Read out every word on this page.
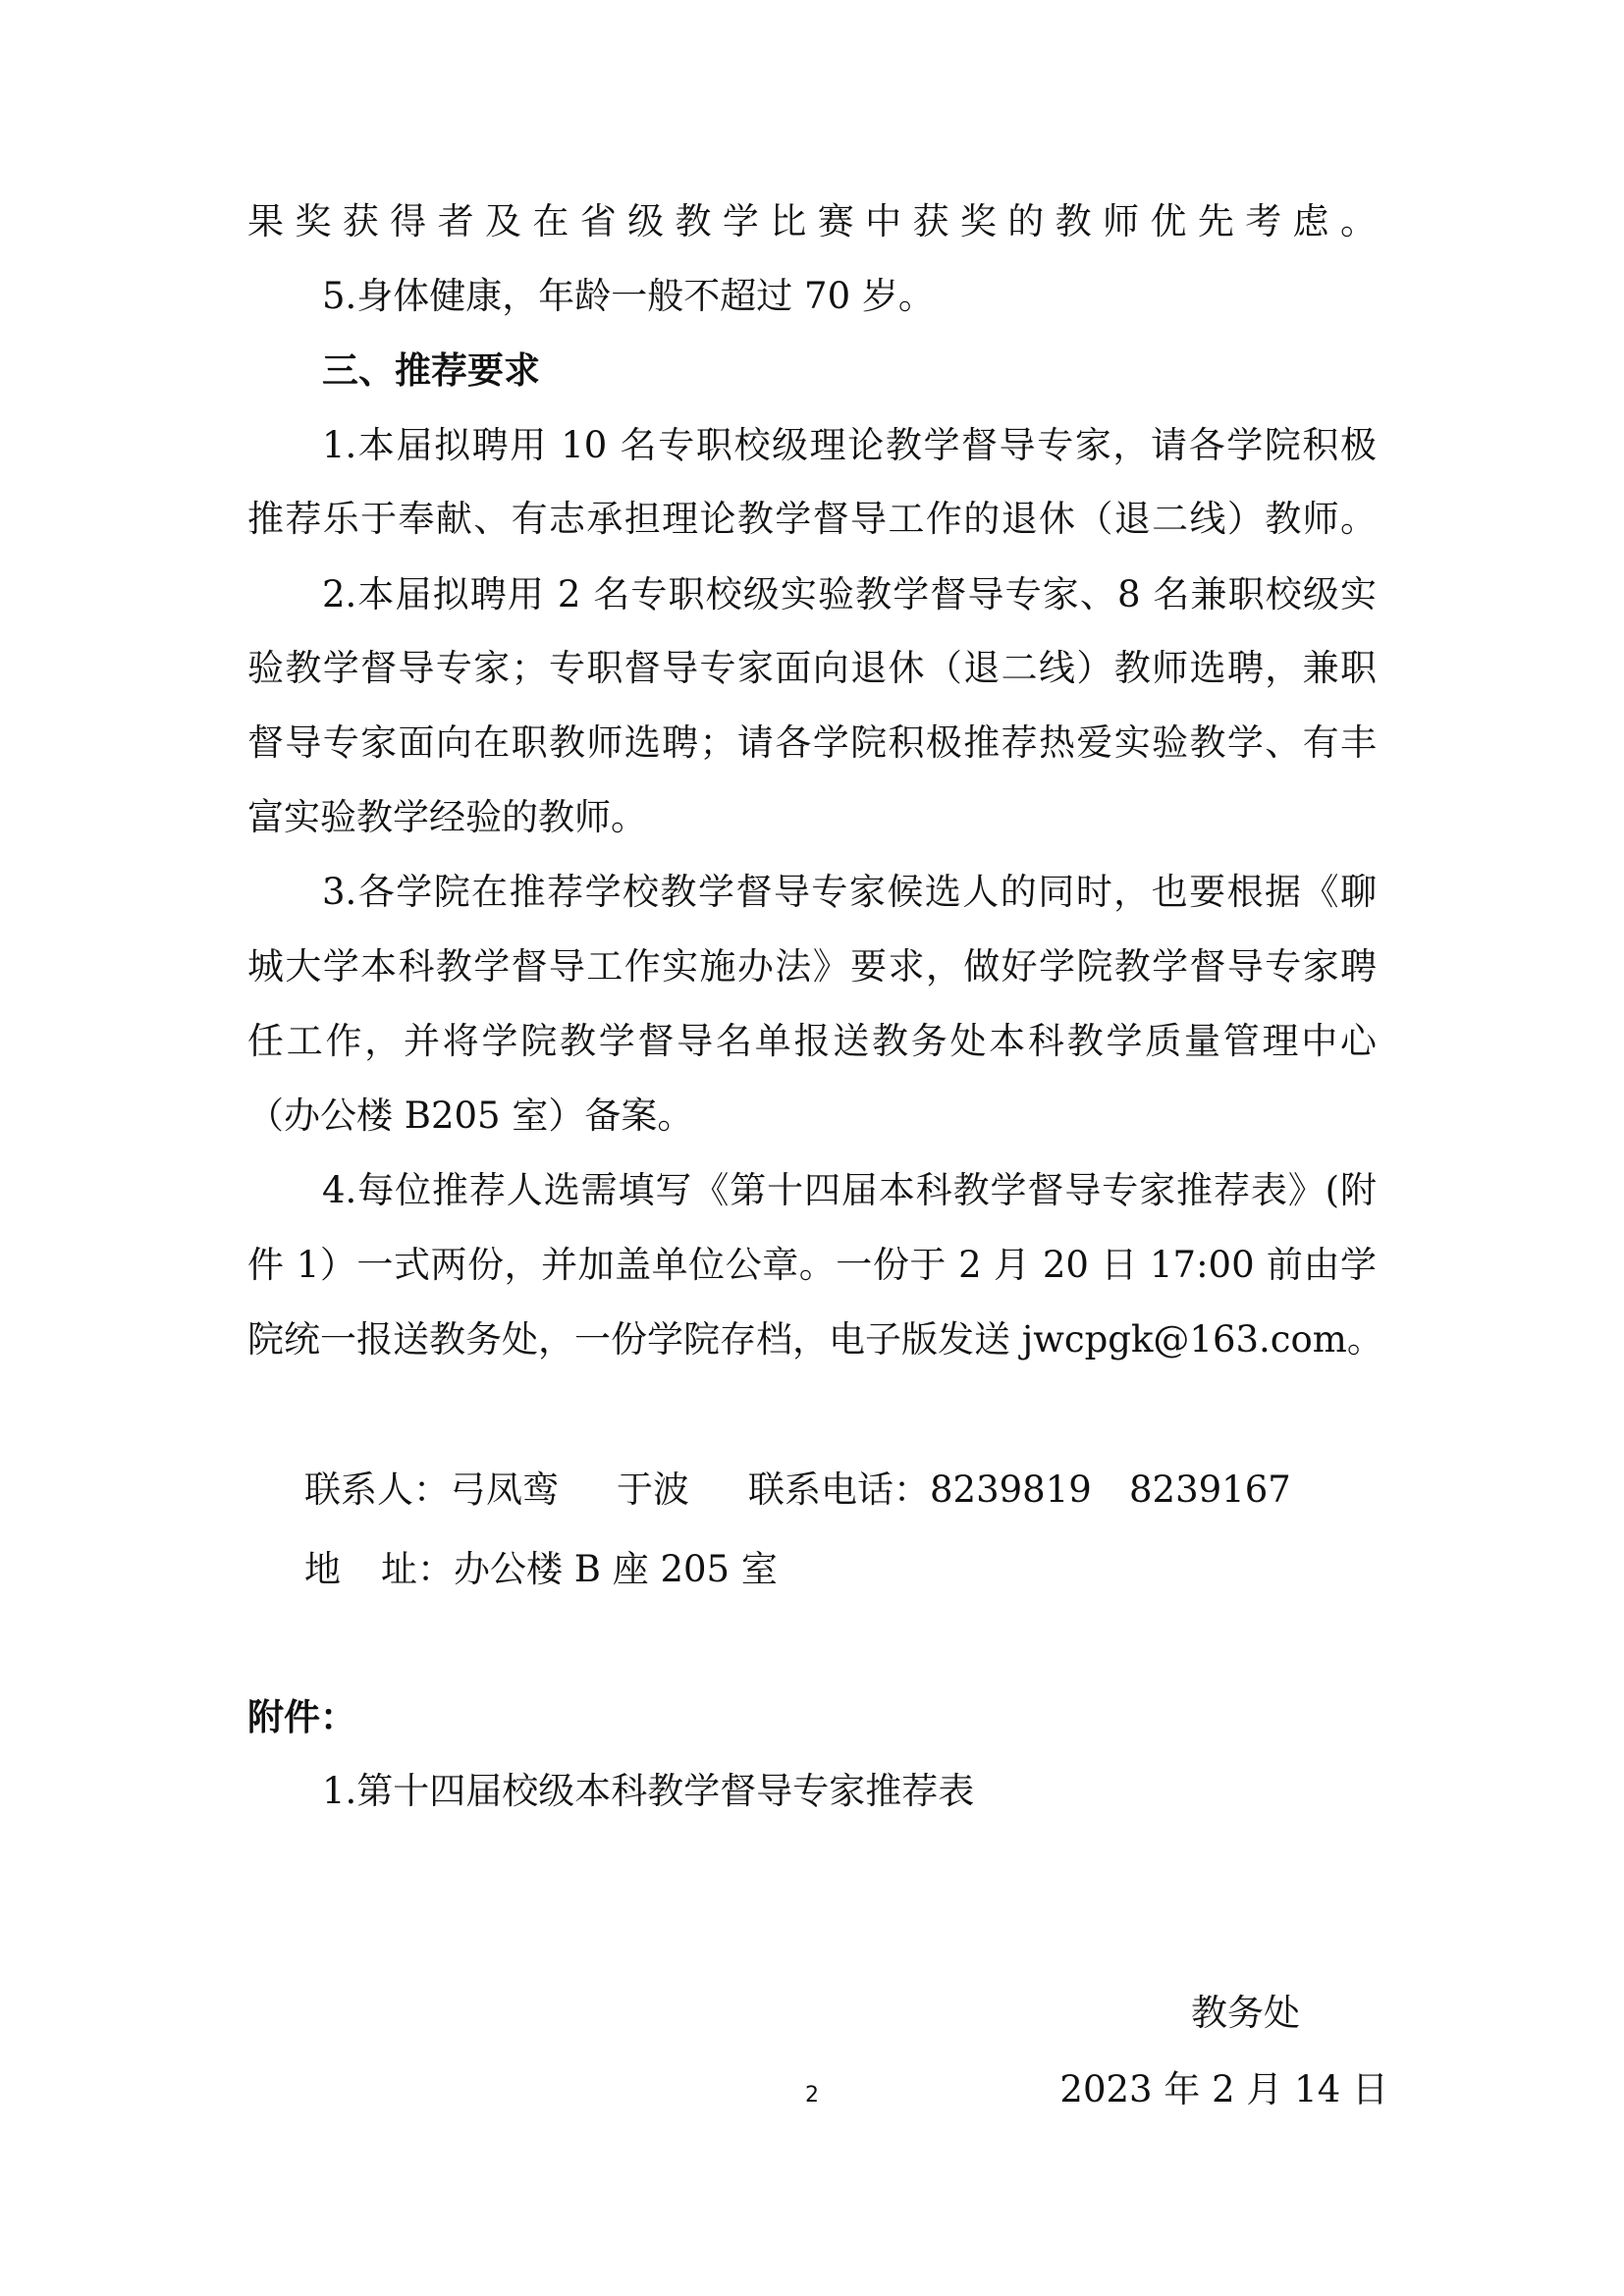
果奖获得者及在省级教学比赛中获奖的教师优先考虑。
5.身体健康，年龄一般不超过 70 岁。
三、推荐要求
1.本届拟聘用 10 名专职校级理论教学督导专家，请各学院积极
推荐乐于奉献、有志承担理论教学督导工作的退休（退二线）教师。
2.本届拟聘用 2 名专职校级实验教学督导专家、8 名兼职校级实
验教学督导专家；专职督导专家面向退休（退二线）教师选聘，兼职
督导专家面向在职教师选聘；请各学院积极推荐热爱实验教学、有丰
富实验教学经验的教师。
3.各学院在推荐学校教学督导专家候选人的同时，也要根据《聊
城大学本科教学督导工作实施办法》要求，做好学院教学督导专家聘
任工作，并将学院教学督导名单报送教务处本科教学质量管理中心
（办公楼 B205 室）备案。
4.每位推荐人选需填写《第十四届本科教学督导专家推荐表》(附
件 1）一式两份，并加盖单位公章。一份于 2 月 20 日 17:00 前由学
院统一报送教务处，一份学院存档，电子版发送 jwcpgk@163.com。
联系人：弓凤鸾 于波 联系电话：8239819 8239167
地 址：办公楼 B 座 205 室
附件：
1.第十四届校级本科教学督导专家推荐表
教务处
2023 年 2 月 14 日
2
